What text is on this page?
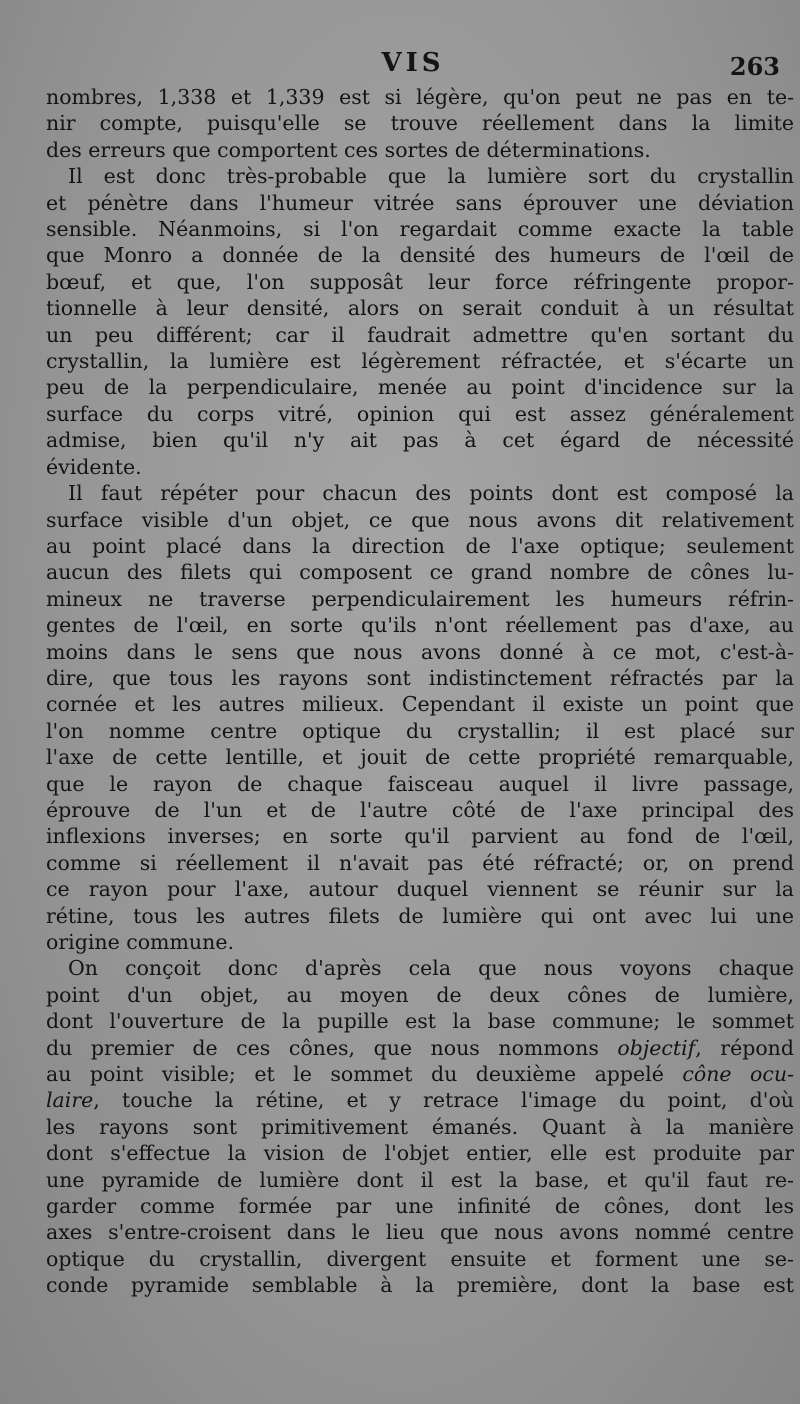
VIS	263
nombres, 1,338 et 1,339 est si légère, qu'on peut ne pas en te-
nir compte, puisqu'elle se trouve réellement dans la limite
des erreurs que comportent ces sortes de déterminations.
Il est donc très-probable que la lumière sort du crystallin
et pénètre dans l'humeur vitrée sans éprouver une déviation
sensible. Néanmoins, si l'on regardait comme exacte la table
que Monro a donnée de la densité des humeurs de l'œil de
bœuf, et que, l'on supposât leur force réfringente propor-
tionnelle à leur densité, alors on serait conduit à un résultat
un peu différent; car il faudrait admettre qu'en sortant du
crystallin, la lumière est légèrement réfractée, et s'écarte un
peu de la perpendiculaire, menée au point d'incidence sur la
surface du corps vitré, opinion qui est assez généralement
admise, bien qu'il n'y ait pas à cet égard de nécessité
évidente.
Il faut répéter pour chacun des points dont est composé la
surface visible d'un objet, ce que nous avons dit relativement
au point placé dans la direction de l'axe optique; seulement
aucun des filets qui composent ce grand nombre de cônes lu-
mineux ne traverse perpendiculairement les humeurs réfrin-
gentes de l'œil, en sorte qu'ils n'ont réellement pas d'axe, au
moins dans le sens que nous avons donné à ce mot, c'est-à-
dire, que tous les rayons sont indistinctement réfractés par la
cornée et les autres milieux. Cependant il existe un point que
l'on nomme centre optique du crystallin; il est placé sur
l'axe de cette lentille, et jouit de cette propriété remarquable,
que le rayon de chaque faisceau auquel il livre passage,
éprouve de l'un et de l'autre côté de l'axe principal des
inflexions inverses; en sorte qu'il parvient au fond de l'œil,
comme si réellement il n'avait pas été réfracté; or, on prend
ce rayon pour l'axe, autour duquel viennent se réunir sur la
rétine, tous les autres filets de lumière qui ont avec lui une
origine commune.
On conçoit donc d'après cela que nous voyons chaque
point d'un objet, au moyen de deux cônes de lumière,
dont l'ouverture de la pupille est la base commune; le sommet
du premier de ces cônes, que nous nommons objectif, répond
au point visible; et le sommet du deuxième appelé cône ocu-
laire, touche la rétine, et y retrace l'image du point, d'où
les rayons sont primitivement émanés. Quant à la manière
dont s'effectue la vision de l'objet entier, elle est produite par
une pyramide de lumière dont il est la base, et qu'il faut re-
garder comme formée par une infinité de cônes, dont les
axes s'entre-croisent dans le lieu que nous avons nommé centre
optique du crystallin, divergent ensuite et forment une se-
conde pyramide semblable à la première, dont la base est
